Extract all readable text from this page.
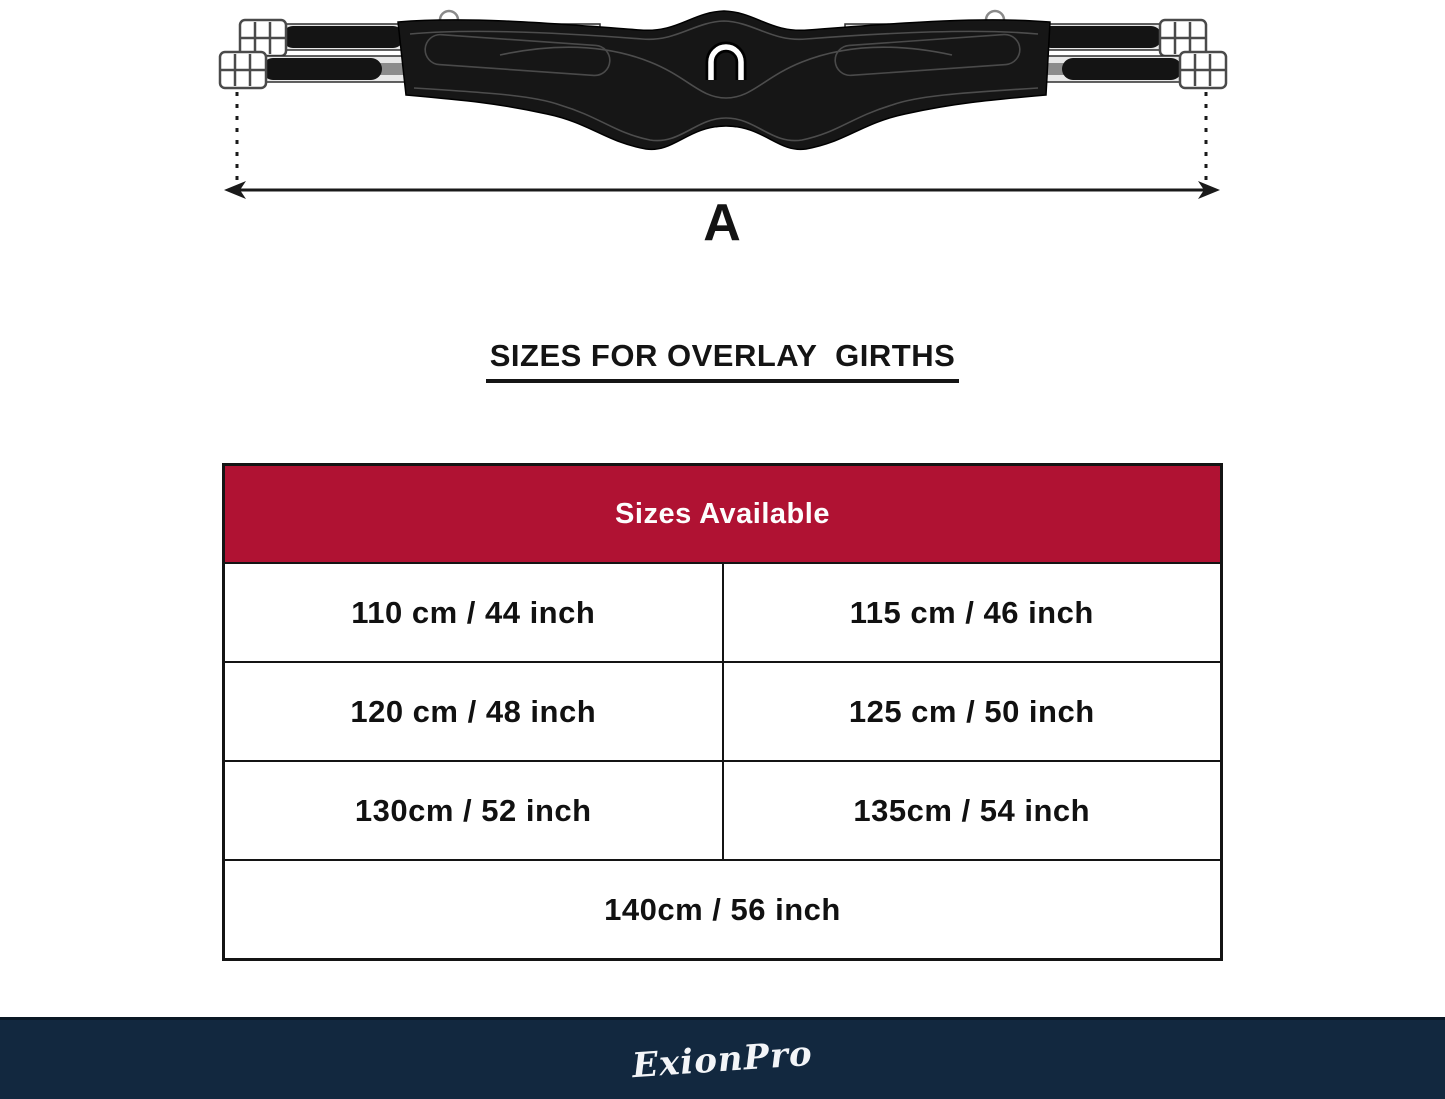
A
SIZES FOR OVERLAY  GIRTHS
Sizes Available	
110 cm / 44 inch	115 cm / 46 inch
120 cm / 48 inch	125 cm / 50 inch
130cm / 52 inch	135cm / 54 inch
140cm / 56 inch	
ExionPro
